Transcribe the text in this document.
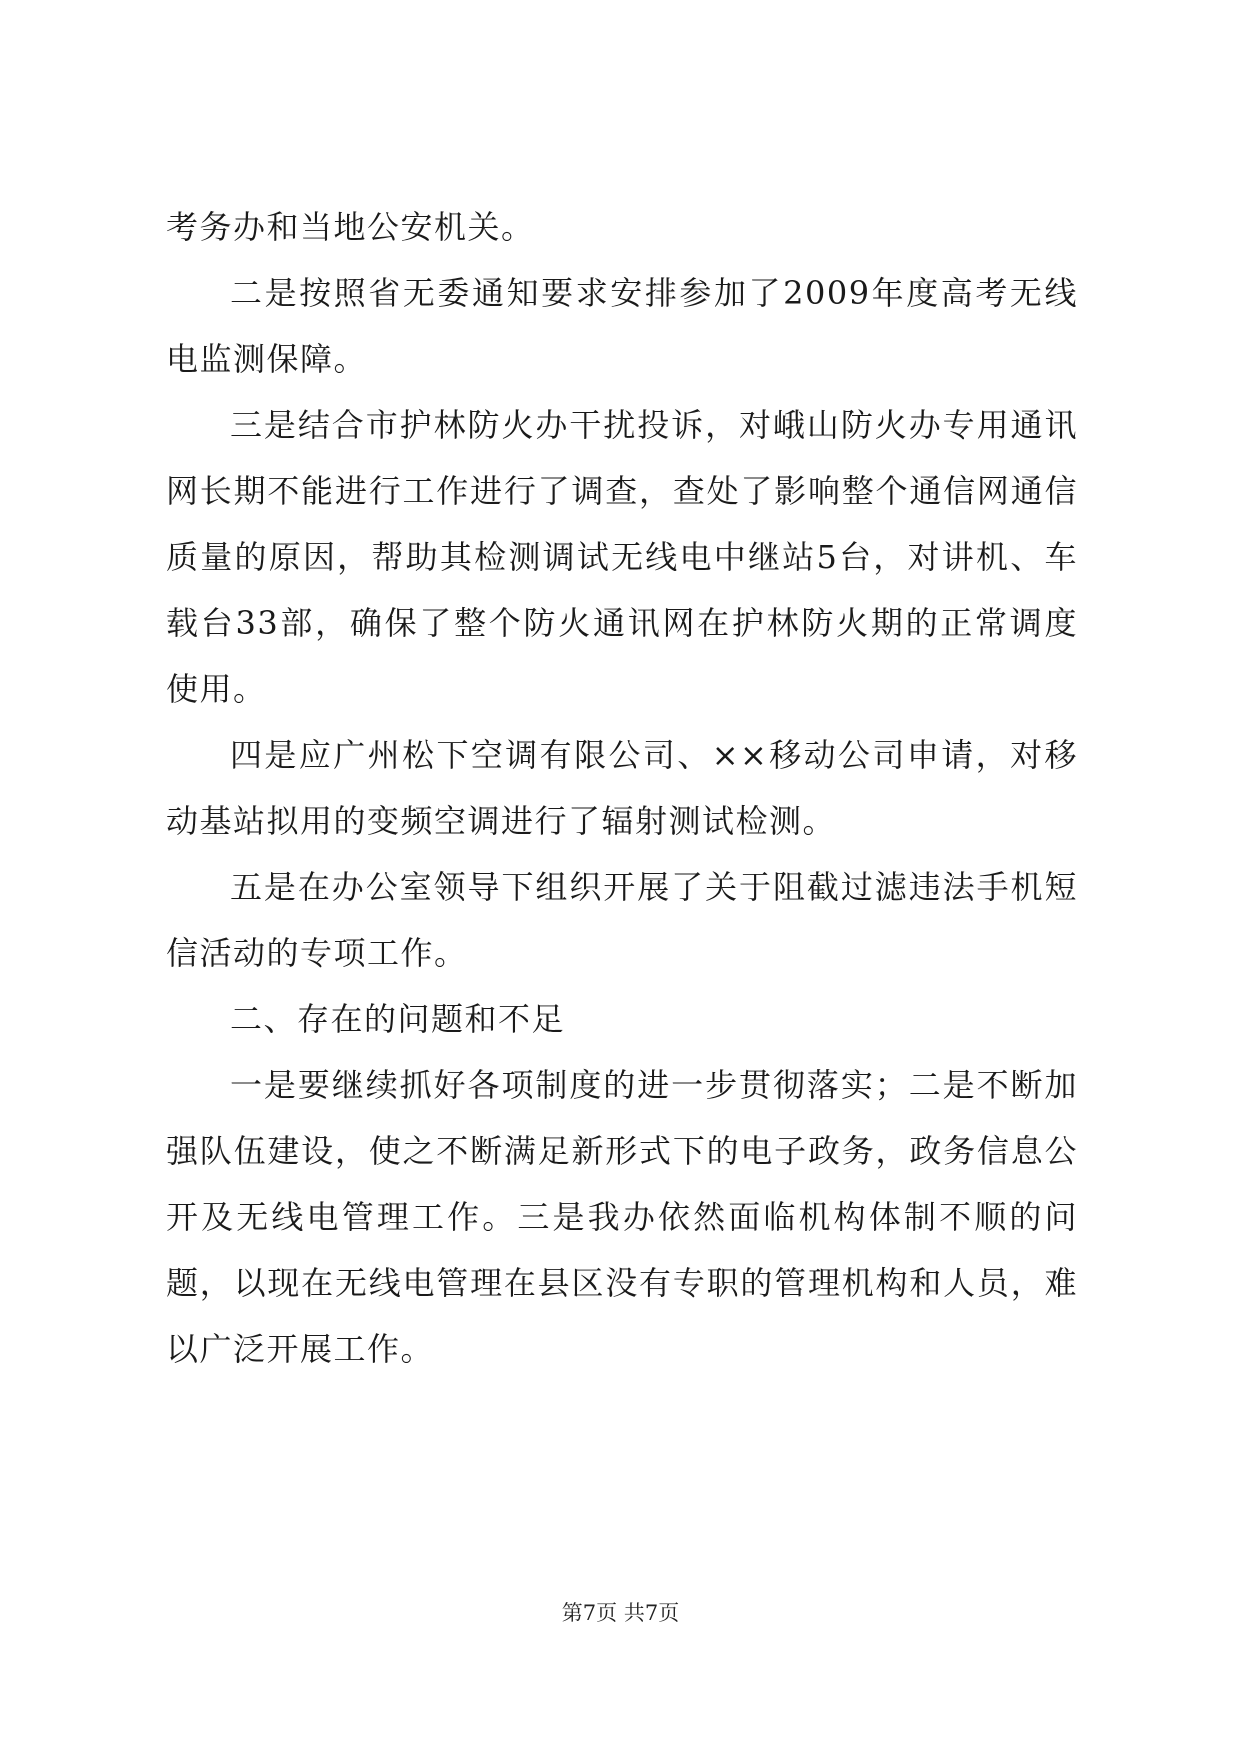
考务办和当地公安机关。

二是按照省无委通知要求安排参加了2009年度高考无线电监测保障。

三是结合市护林防火办干扰投诉，对峨山防火办专用通讯网长期不能进行工作进行了调查，查处了影响整个通信网通信质量的原因，帮助其检测调试无线电中继站5台，对讲机、车载台33部，确保了整个防火通讯网在护林防火期的正常调度使用。

四是应广州松下空调有限公司、××移动公司申请，对移动基站拟用的变频空调进行了辐射测试检测。

五是在办公室领导下组织开展了关于阻截过滤违法手机短信活动的专项工作。

二、存在的问题和不足

一是要继续抓好各项制度的进一步贯彻落实；二是不断加强队伍建设，使之不断满足新形式下的电子政务，政务信息公开及无线电管理工作。三是我办依然面临机构体制不顺的问题，以现在无线电管理在县区没有专职的管理机构和人员，难以广泛开展工作。

第7页 共7页
